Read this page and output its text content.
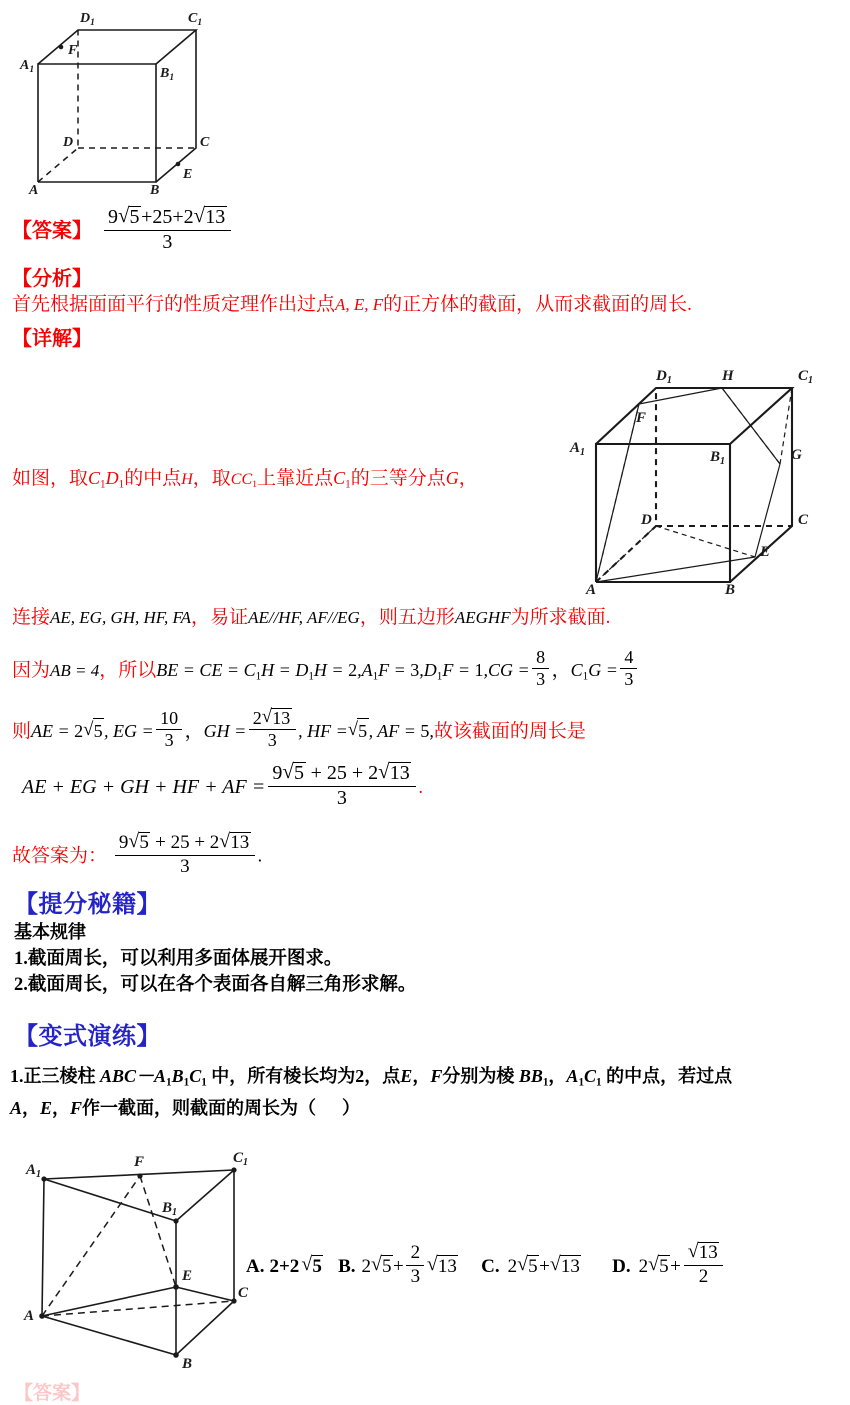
$D_1$	$C_1$
$A_1$	$B_1$
D	C
A	B
F
E
【答案】 $\frac{9 √ 5+25+2 √ 13}{3}$
【分析】
首先根据面面平行的性质定理作出过点A, E, F的正方体的截面，从而求截面的周长.
【详解】
$D_1$	H	$C_1$
$A_1$	$B_1$
F
G
D	C
E
A	B
如图，取C1D1的中点H，取CC1上靠近点C1的三等分点G，
连接AE, EG, GH, HF, FA，易证AE//HF, AF//EG，则五边形AEGHF为所求截面.
因为AB = 4，所以BE = CE = $C1H = D1H = 2,A1F = 3,D1F = 1,CG = \frac{8}{3}$ ，$C1G = \frac{4}{3}$
则AE = 2 √ 5, EG = $\frac{10}{3}$ ，GH = $\frac{2 √ 13}{3}$ , HF = √ 5, AF = 5,故该截面的周长是
AE + EG + GH + HF + AF = $\frac{9 √ 5 + 25 + 2 √ 13}{3}$ .
故答案为： $\frac{9 √ 5 + 25 + 2 √ 13}{3}$ .
【提分秘籍】
基本规律
1.截面周长，可以利用多面体展开图求。
2.截面周长，可以在各个表面各自解三角形求解。
【变式演练】
1.正三棱柱 ABC－A1B1C1 中，所有棱长均为2，点E，F分别为棱 BB1，A1C1 的中点，若过点
A，E，F作一截面，则截面的周长为（ ）
$A_1$
F	$C_1$
$B_1$
E
C
A
B
A. 2+2 √ 5 B. 2 √ $5+ \frac{2}{3}$ √ 13 C. 2 √ 5+ √ 13 D. 2 √ 5+ √ $\frac{13}{2}$
【答案】
